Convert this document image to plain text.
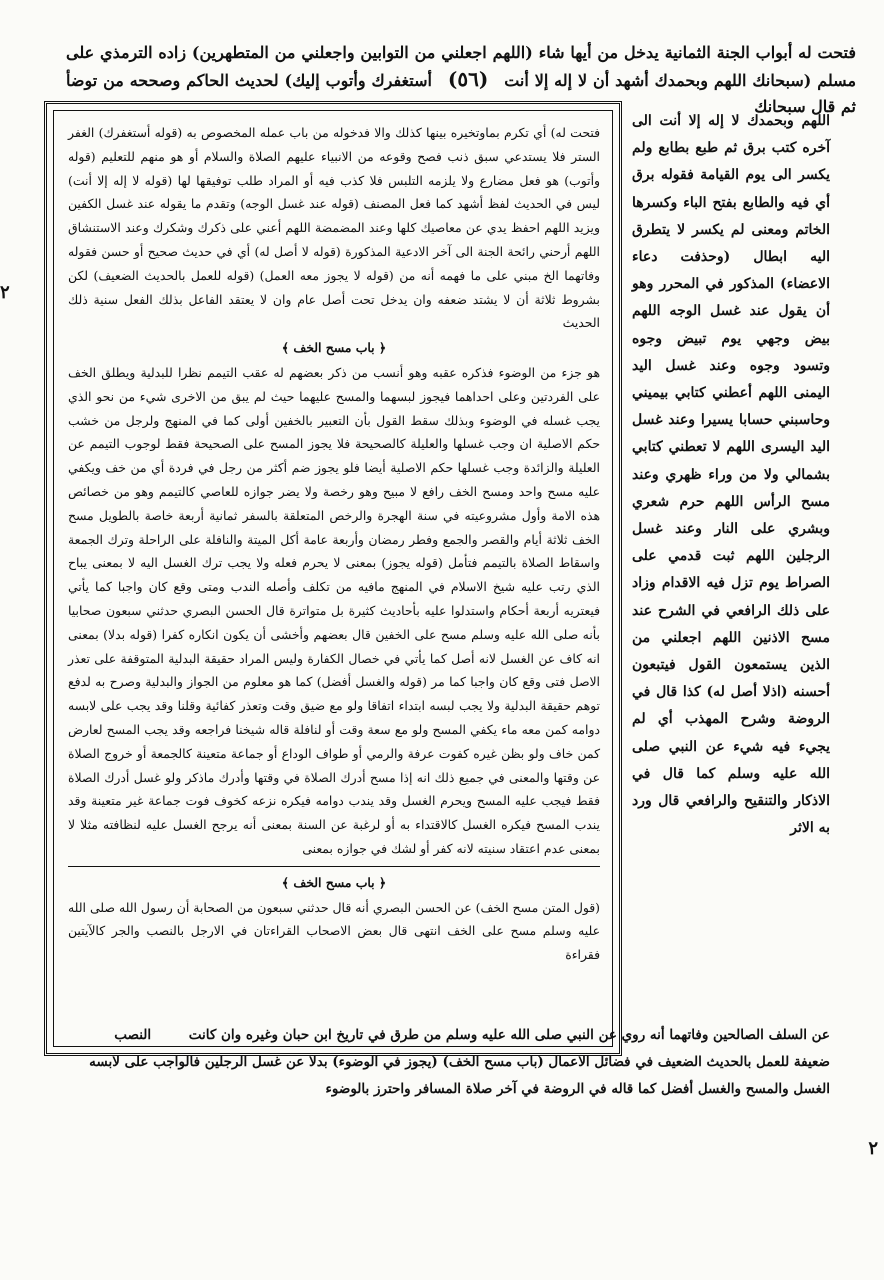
فتحت له أبواب الجنة الثمانية يدخل من أيها شاء (اللهم اجعلني من التوابين واجعلني من المتطهرين) زاده الترمذي على مسلم (سبحانك اللهم وبحمدك أشهد أن لا إله إلا أنت (٥٦) أستغفرك وأتوب إليك) لحديث الحاكم وصححه من توضأ ثم قال سبحانك
٢
فتحت له) أي تكرم بماوتخيره بينها كذلك والا فدخوله من باب عمله المخصوص به (قوله أستغفرك) الغفر الستر فلا يستدعي سبق ذنب فصح وقوعه من الانبياء عليهم الصلاة والسلام أو هو منهم للتعليم (قوله وأتوب) هو فعل مضارع ولا يلزمه التلبس فلا كذب فيه أو المراد طلب توفيقها لها (قوله لا إله إلا أنت) ليس في الحديث لفظ أشهد كما فعل المصنف (قوله عند غسل الوجه) وتقدم ما يقوله عند غسل الكفين ويزيد اللهم احفظ يدي عن معاصيك كلها وعند المضمضة اللهم أعني على ذكرك وشكرك وعند الاستنشاق اللهم أرحني رائحة الجنة الى آخر الادعية المذكورة (قوله لا أصل له) أي في حديث صحيح أو حسن فقوله وفاتهما الخ مبني على ما فهمه أنه من (قوله لا يجوز معه العمل) (قوله للعمل بالحديث الضعيف) لكن بشروط ثلاثة أن لا يشتد ضعفه وان يدخل تحت أصل عام وان لا يعتقد الفاعل بذلك الفعل سنية ذلك الحديث
﴿ باب مسح الخف ﴾
هو جزء من الوضوء فذكره عقبه وهو أنسب من ذكر بعضهم له عقب التيمم نظرا للبدلية ويطلق الخف على الفردتين وعلى احداهما فيجوز لبسهما والمسح عليهما حيث لم يبق من الاخرى شيء من نحو الذي يجب غسله في الوضوء وبذلك سقط القول بأن التعبير بالخفين أولى كما في المنهج ولرجل من خشب حكم الاصلية ان وجب غسلها والعليلة كالصحيحة فلا يجوز المسح على الصحيحة فقط لوجوب التيمم عن العليلة والزائدة وجب غسلها حكم الاصلية أيضا فلو يجوز ضم أكثر من رجل في فردة أي من خف ويكفي عليه مسح واحد ومسح الخف رافع لا مبيح وهو رخصة ولا يضر جوازه للعاصي كالتيمم وهو من خصائص هذه الامة وأول مشروعيته في سنة الهجرة والرخص المتعلقة بالسفر ثمانية أربعة خاصة بالطويل مسح الخف ثلاثة أيام والقصر والجمع وفطر رمضان وأربعة عامة أكل الميتة والنافلة على الراحلة وترك الجمعة واسقاط الصلاة بالتيمم فتأمل (قوله يجوز) بمعنى لا يحرم فعله ولا يجب ترك الغسل اليه لا بمعنى يباح الذي رتب عليه شيخ الاسلام في المنهج مافيه من تكلف وأصله الندب ومتى وقع كان واجبا كما يأتي فيعتريه أربعة أحكام واستدلوا عليه بأحاديث كثيرة بل متواترة قال الحسن البصري حدثني سبعون صحابيا بأنه صلى الله عليه وسلم مسح على الخفين قال بعضهم وأخشى أن يكون انكاره كفرا (قوله بدلا) بمعنى انه كاف عن الغسل لانه أصل كما يأتي في خصال الكفارة وليس المراد حقيقة البدلية المتوقفة على تعذر الاصل فتى وقع كان واجبا كما مر (قوله والغسل أفضل) كما هو معلوم من الجواز والبدلية وصرح به لدفع توهم حقيقة البدلية ولا يجب لبسه ابتداء اتفاقا ولو مع ضيق وقت وتعذر كفائية وقلنا وقد يجب على لابسه دوامه كمن معه ماء يكفي المسح ولو مع سعة وقت أو لنافلة قاله شيخنا فراجعه وقد يجب المسح لعارض كمن خاف ولو بظن غيره كفوت عرفة والرمي أو طواف الوداع أو جماعة متعينة كالجمعة أو خروج الصلاة عن وقتها والمعنى في جميع ذلك انه إذا مسح أدرك الصلاة في وقتها وأدرك ماذكر ولو غسل أدرك الصلاة فقط فيجب عليه المسح ويحرم الغسل وقد يندب دوامه فيكره نزعه كخوف فوت جماعة غير متعينة وقد يندب المسح فيكره الغسل كالاقتداء به أو لرغبة عن السنة بمعنى أنه يرجح الغسل عليه لنظافته مثلا لا بمعنى عدم اعتقاد سنيته لانه كفر أو لشك في جوازه بمعنى
﴿ باب مسح الخف ﴾
(قول المتن مسح الخف) عن الحسن البصري أنه قال حدثني سبعون من الصحابة أن رسول الله صلى الله عليه وسلم مسح على الخف انتهى قال بعض الاصحاب القراءتان في الارجل بالنصب والجر كالآيتين فقراءة
اللهم وبحمدك لا إله إلا أنت الى آخره كتب برق ثم طبع بطابع ولم يكسر الى يوم القيامة فقوله برق أي فيه والطابع بفتح الباء وكسرها الخاتم ومعنى لم يكسر لا يتطرق اليه ابطال (وحذفت دعاء الاعضاء) المذكور في المحرر وهو أن يقول عند غسل الوجه اللهم بيض وجهي يوم تبيض وجوه وتسود وجوه وعند غسل اليد اليمنى اللهم أعطني كتابي بيميني وحاسبني حسابا يسيرا وعند غسل اليد اليسرى اللهم لا تعطني كتابي بشمالي ولا من وراء ظهري وعند مسح الرأس اللهم حرم شعري وبشري على النار وعند غسل الرجلين اللهم ثبت قدمي على الصراط يوم تزل فيه الاقدام وزاد على ذلك الرافعي في الشرح عند مسح الاذنين اللهم اجعلني من الذين يستمعون القول فيتبعون أحسنه (اذلا أصل له) كذا قال في الروضة وشرح المهذب أي لم يجيء فيه شيء عن النبي صلى الله عليه وسلم كما قال في الاذكار والتنقيح والرافعي قال ورد به الاثر
عن السلف الصالحين وفاتهما أنه روي عن النبي صلى الله عليه وسلم من طرق في تاريخ ابن حبان وغيره وان كانت        النصب
ضعيفة للعمل بالحديث الضعيف في فضائل الاعمال (باب مسح الخف) (يجوز في الوضوء) بدلا عن غسل الرجلين فالواجب على لابسه
الغسل والمسح والغسل أفضل كما قاله في الروضة في آخر صلاة المسافر واحترز بالوضوء
٢
